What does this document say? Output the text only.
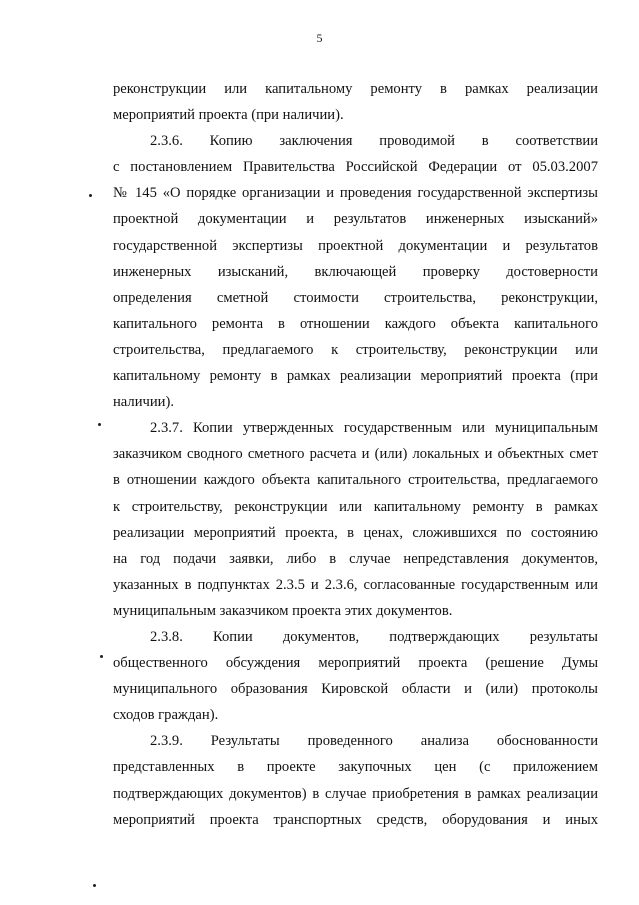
5
реконструкции или капитальному ремонту в рамках реализации
мероприятий проекта (при наличии).
2.3.6. Копию заключения проводимой в соответствии
с постановлением Правительства Российской Федерации от 05.03.2007
№ 145 «О порядке организации и проведения государственной экспертизы
проектной документации и результатов инженерных изысканий»
государственной экспертизы проектной документации и результатов
инженерных изысканий, включающей проверку достоверности
определения сметной стоимости строительства, реконструкции,
капитального ремонта в отношении каждого объекта капитального
строительства, предлагаемого к строительству, реконструкции или
капитальному ремонту в рамках реализации мероприятий проекта (при
наличии).
2.3.7. Копии утвержденных государственным или муниципальным
заказчиком сводного сметного расчета и (или) локальных и объектных смет
в отношении каждого объекта капитального строительства, предлагаемого
к строительству, реконструкции или капитальному ремонту в рамках
реализации мероприятий проекта, в ценах, сложившихся по состоянию
на год подачи заявки, либо в случае непредставления документов,
указанных в подпунктах 2.3.5 и 2.3.6, согласованные государственным или
муниципальным заказчиком проекта этих документов.
2.3.8. Копии документов, подтверждающих результаты
общественного обсуждения мероприятий проекта (решение Думы
муниципального образования Кировской области и (или) протоколы
сходов граждан).
2.3.9. Результаты проведенного анализа обоснованности
представленных в проекте закупочных цен (с приложением
подтверждающих документов) в случае приобретения в рамках реализации
мероприятий проекта транспортных средств, оборудования и иных
